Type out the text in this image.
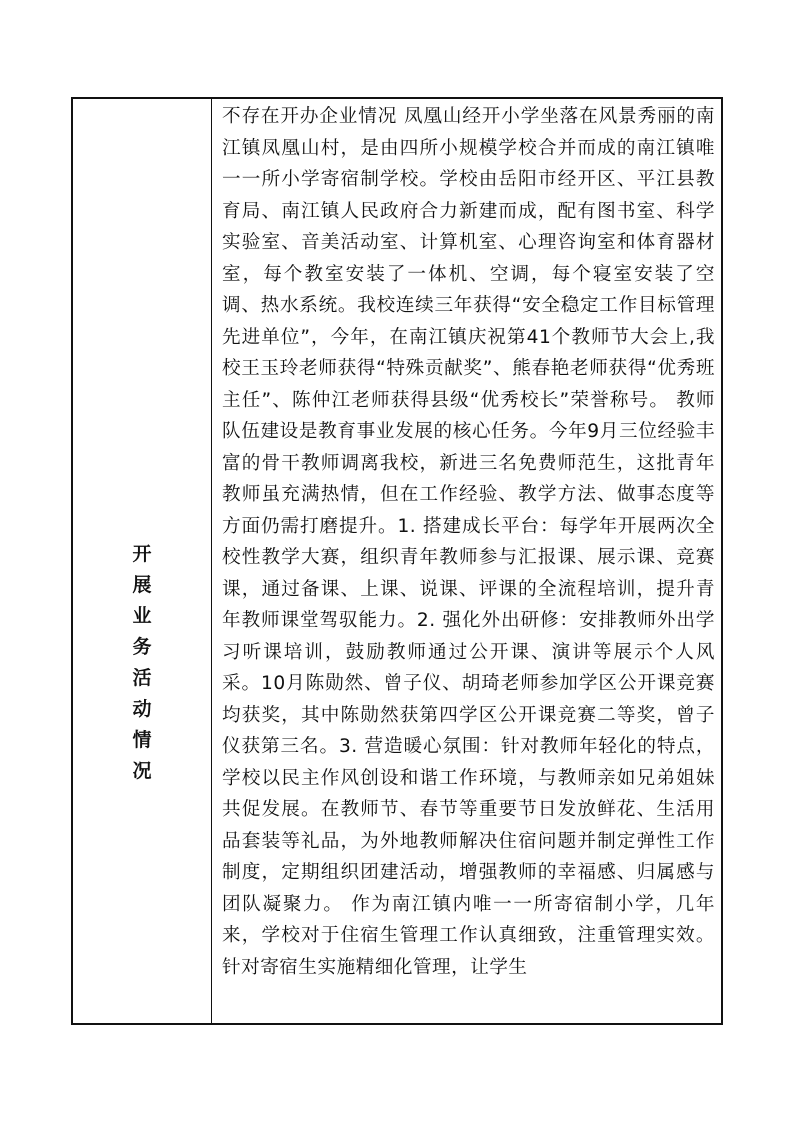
开
展
业
务
活
动
情
况

不存在开办企业情况 凤凰山经开小学坐落在风景秀丽的南江镇凤凰山村，是由四所小规模学校合并而成的南江镇唯一一所小学寄宿制学校。学校由岳阳市经开区、平江县教育局、南江镇人民政府合力新建而成，配有图书室、科学实验室、音美活动室、计算机室、心理咨询室和体育器材室，每个教室安装了一体机、空调，每个寝室安装了空调、热水系统。我校连续三年获得“安全稳定工作目标管理先进单位”，今年，在南江镇庆祝第41个教师节大会上,我校王玉玲老师获得“特殊贡献奖”、熊春艳老师获得“优秀班主任”、陈仲江老师获得县级“优秀校长”荣誉称号。 教师队伍建设是教育事业发展的核心任务。今年9月三位经验丰富的骨干教师调离我校，新进三名免费师范生，这批青年教师虽充满热情，但在工作经验、教学方法、做事态度等方面仍需打磨提升。1. 搭建成长平台：每学年开展两次全校性教学大赛，组织青年教师参与汇报课、展示课、竞赛课，通过备课、上课、说课、评课的全流程培训，提升青年教师课堂驾驭能力。2. 强化外出研修：安排教师外出学习听课培训，鼓励教师通过公开课、演讲等展示个人风采。10月陈勋然、曾子仪、胡琦老师参加学区公开课竞赛均获奖，其中陈勋然获第四学区公开课竞赛二等奖，曾子仪获第三名。3. 营造暖心氛围：针对教师年轻化的特点，学校以民主作风创设和谐工作环境，与教师亲如兄弟姐妹共促发展。在教师节、春节等重要节日发放鲜花、生活用品套装等礼品，为外地教师解决住宿问题并制定弹性工作制度，定期组织团建活动，增强教师的幸福感、归属感与团队凝聚力。 作为南江镇内唯一一所寄宿制小学，几年来，学校对于住宿生管理工作认真细致，注重管理实效。针对寄宿生实施精细化管理，让学生
